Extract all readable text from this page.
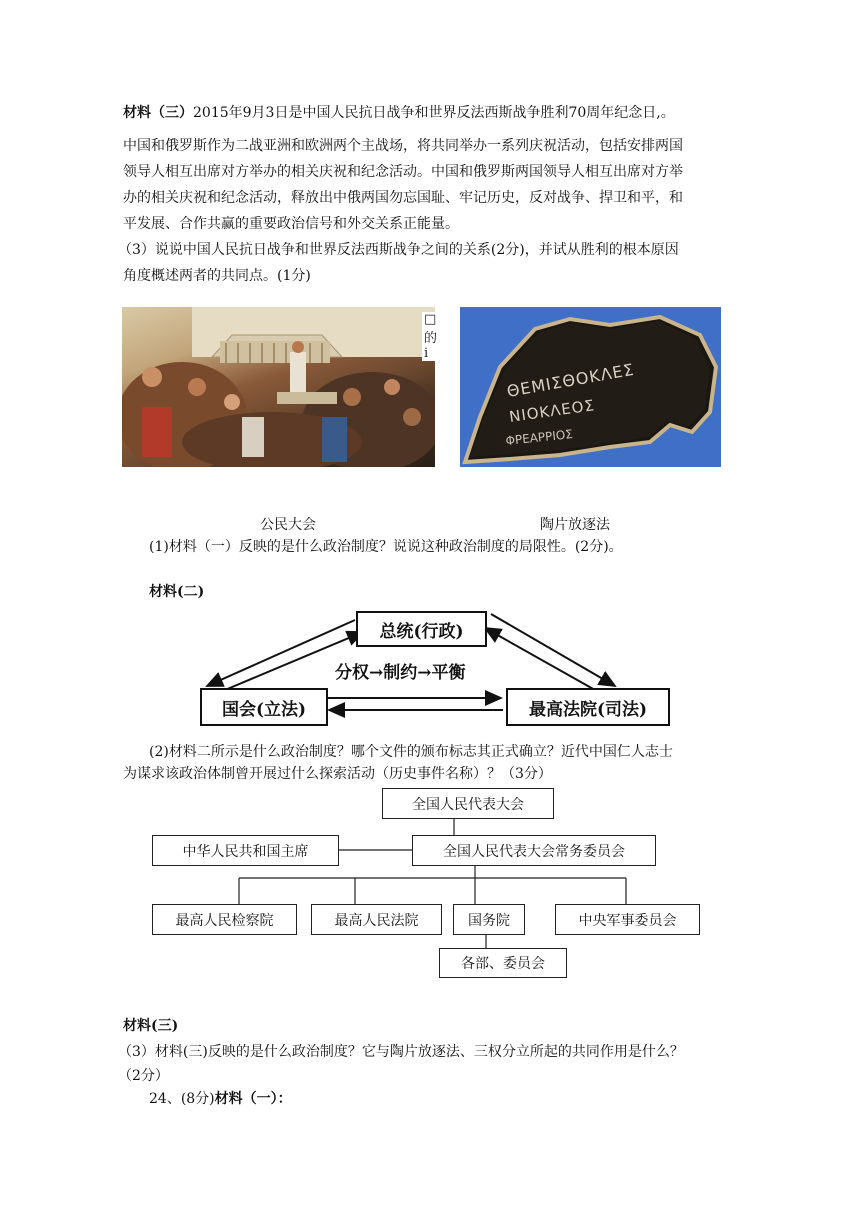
材料（三）2015年9月3日是中国人民抗日战争和世界反法西斯战争胜利70周年纪念日,。
中国和俄罗斯作为二战亚洲和欧洲两个主战场，将共同举办一系列庆祝活动，包括安排两国
领导人相互出席对方举办的相关庆祝和纪念活动。中国和俄罗斯两国领导人相互出席对方举
办的相关庆祝和纪念活动，释放出中俄两国勿忘国耻、牢记历史，反对战争、捍卫和平，和
平发展、合作共赢的重要政治信号和外交关系正能量。
（3）说说中国人民抗日战争和世界反法西斯战争之间的关系(2分)，并试从胜利的根本原因
角度概述两者的共同点。(1分)
□的i
ΘEMIΣΘOKΛEΣ
NIOKΛEOΣ
ΦPEAPPIOΣ
公民大会	陶片放逐法
(1)材料（一）反映的是什么政治制度？说说这种政治制度的局限性。(2分)。
材料(二)
总统(行政)
国会(立法)	最高法院(司法)
分权→制约→平衡
(2)材料二所示是什么政治制度？哪个文件的颁布标志其正式确立？近代中国仁人志士
为谋求该政治体制曾开展过什么探索活动（历史事件名称）？（3分）
全国人民代表大会
中华人民共和国主席	全国人民代表大会常务委员会
最高人民检察院	最高人民法院	国务院	中央军事委员会
各部、委员会
材料(三)
（3）材料(三)反映的是什么政治制度？它与陶片放逐法、三权分立所起的共同作用是什么？
（2分）
24、(8分)材料（一）：
